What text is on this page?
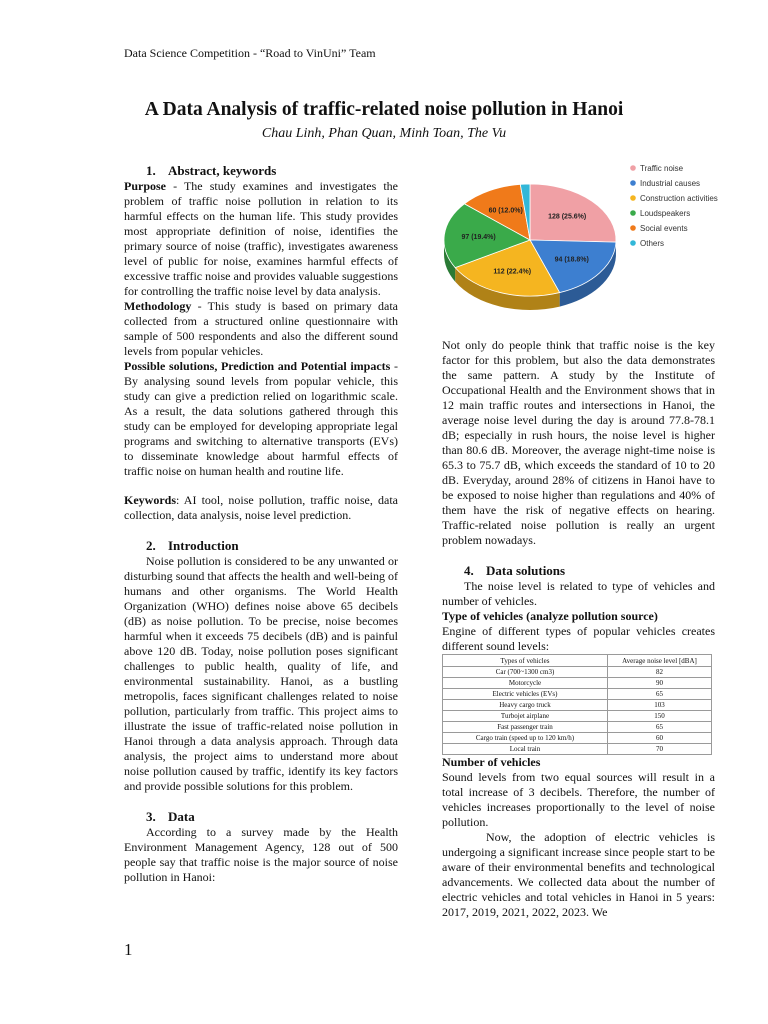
Data Science Competition - “Road to VinUni” Team
A Data Analysis of traffic-related noise pollution in Hanoi
Chau Linh, Phan Quan, Minh Toan, The Vu
1. Abstract, keywords

Purpose - The study examines and investigates the problem of traffic noise pollution in relation to its harmful effects on the human life. This study provides most appropriate definition of noise, identifies the primary source of noise (traffic), investigates awareness level of public for noise, examines harmful effects of excessive traffic noise and provides valuable suggestions for controlling the traffic noise level by data analysis.

Methodology - This study is based on primary data collected from a structured online questionnaire with sample of 500 respondents and also the different sound levels from popular vehicles.

Possible solutions, Prediction and Potential impacts - By analysing sound levels from popular vehicle, this study can give a prediction relied on logarithmic scale. As a result, the data solutions gathered through this study can be employed for developing appropriate legal programs and switching to alternative transports (EVs) to disseminate knowledge about harmful effects of traffic noise on human health and routine life.

Keywords: AI tool, noise pollution, traffic noise, data collection, data analysis, noise level prediction.

2. Introduction

Noise pollution is considered to be any unwanted or disturbing sound that affects the health and well-being of humans and other organisms. The World Health Organization (WHO) defines noise above 65 decibels (dB) as noise pollution. To be precise, noise becomes harmful when it exceeds 75 decibels (dB) and is painful above 120 dB. Today, noise pollution poses significant challenges to public health, quality of life, and environmental sustainability. Hanoi, as a bustling metropolis, faces significant challenges related to noise pollution, particularly from traffic. This project aims to illustrate the issue of traffic-related noise pollution in Hanoi through a data analysis approach. Through data analysis, the project aims to understand more about noise pollution caused by traffic, identify its key factors and provide possible solutions for this problem.

3. Data

According to a survey made by the Health Environment Management Agency, 128 out of 500 people say that traffic noise is the major source of noise pollution in Hanoi:

128 (25.6%)
94 (18.8%)
112 (22.4%)
97 (19.4%)
60 (12.0%)
Traffic noise
Industrial causes
Construction activities
Loudspeakers
Social events
Others

Not only do people think that traffic noise is the key factor for this problem, but also the data demonstrates the same pattern. A study by the Institute of Occupational Health and the Environment shows that in 12 main traffic routes and intersections in Hanoi, the average noise level during the day is around 77.8-78.1 dB; especially in rush hours, the noise level is higher than 80.6 dB. Moreover, the average night-time noise is 65.3 to 75.7 dB, which exceeds the standard of 10 to 20 dB. Everyday, around 28% of citizens in Hanoi have to be exposed to noise higher than regulations and 40% of them have the risk of negative effects on hearing. Traffic-related noise pollution is really an urgent problem nowadays.

4. Data solutions

The noise level is related to type of vehicles and number of vehicles.

Type of vehicles (analyze pollution source)

Engine of different types of popular vehicles creates different sound levels:

Types of vehicles	Average noise level [dBA]
Car (700~1300 cm3)	82
Motorcycle	90
Electric vehicles (EVs)	65
Heavy cargo truck	103
Turbojet airplane	150
Fast passenger train	65
Cargo train (speed up to 120 km/h)	60
Local train	70

Number of vehicles

Sound levels from two equal sources will result in a total increase of 3 decibels. Therefore, the number of vehicles increases proportionally to the level of noise pollution.

Now, the adoption of electric vehicles is undergoing a significant increase since people start to be aware of their environmental benefits and technological advancements. We collected data about the number of electric vehicles and total vehicles in Hanoi in 5 years: 2017, 2019, 2021, 2022, 2023. We

1
